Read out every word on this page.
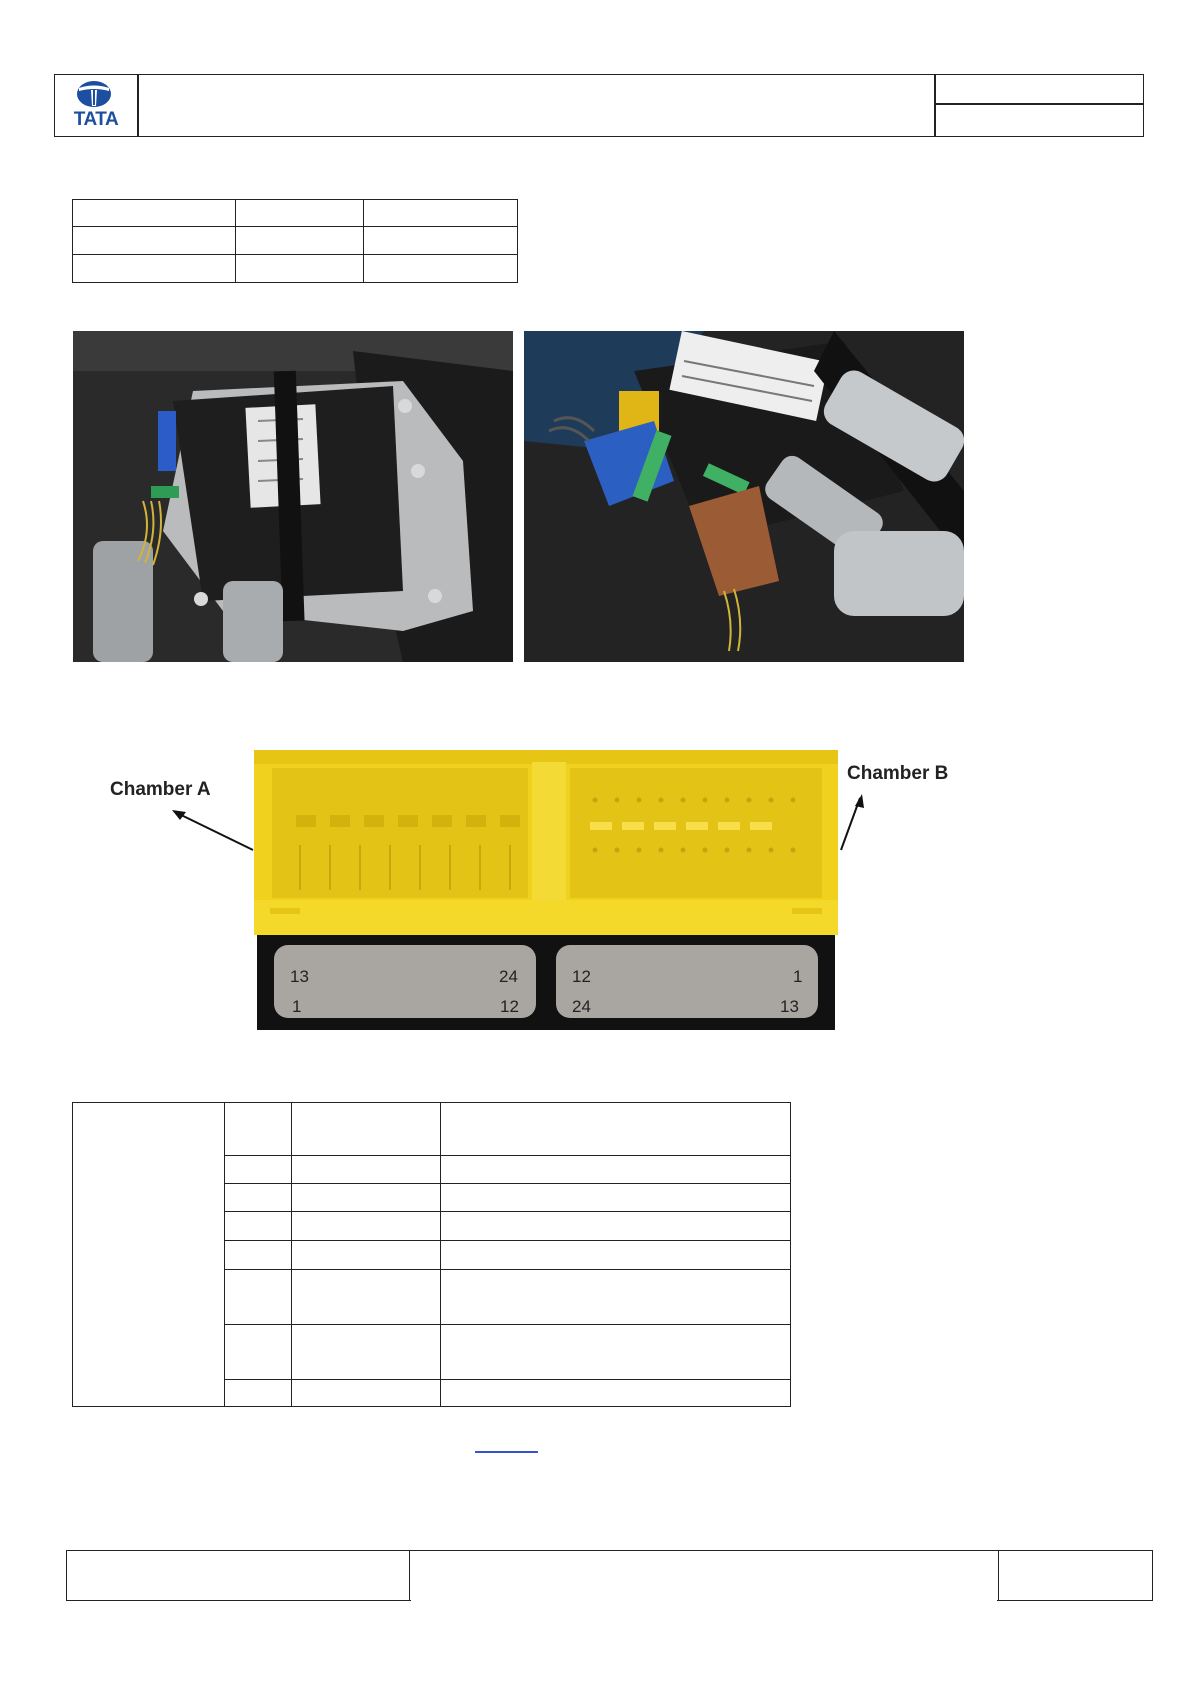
TATA

Chamber A
Chamber B
13	24
1	12
12	1
24	13
